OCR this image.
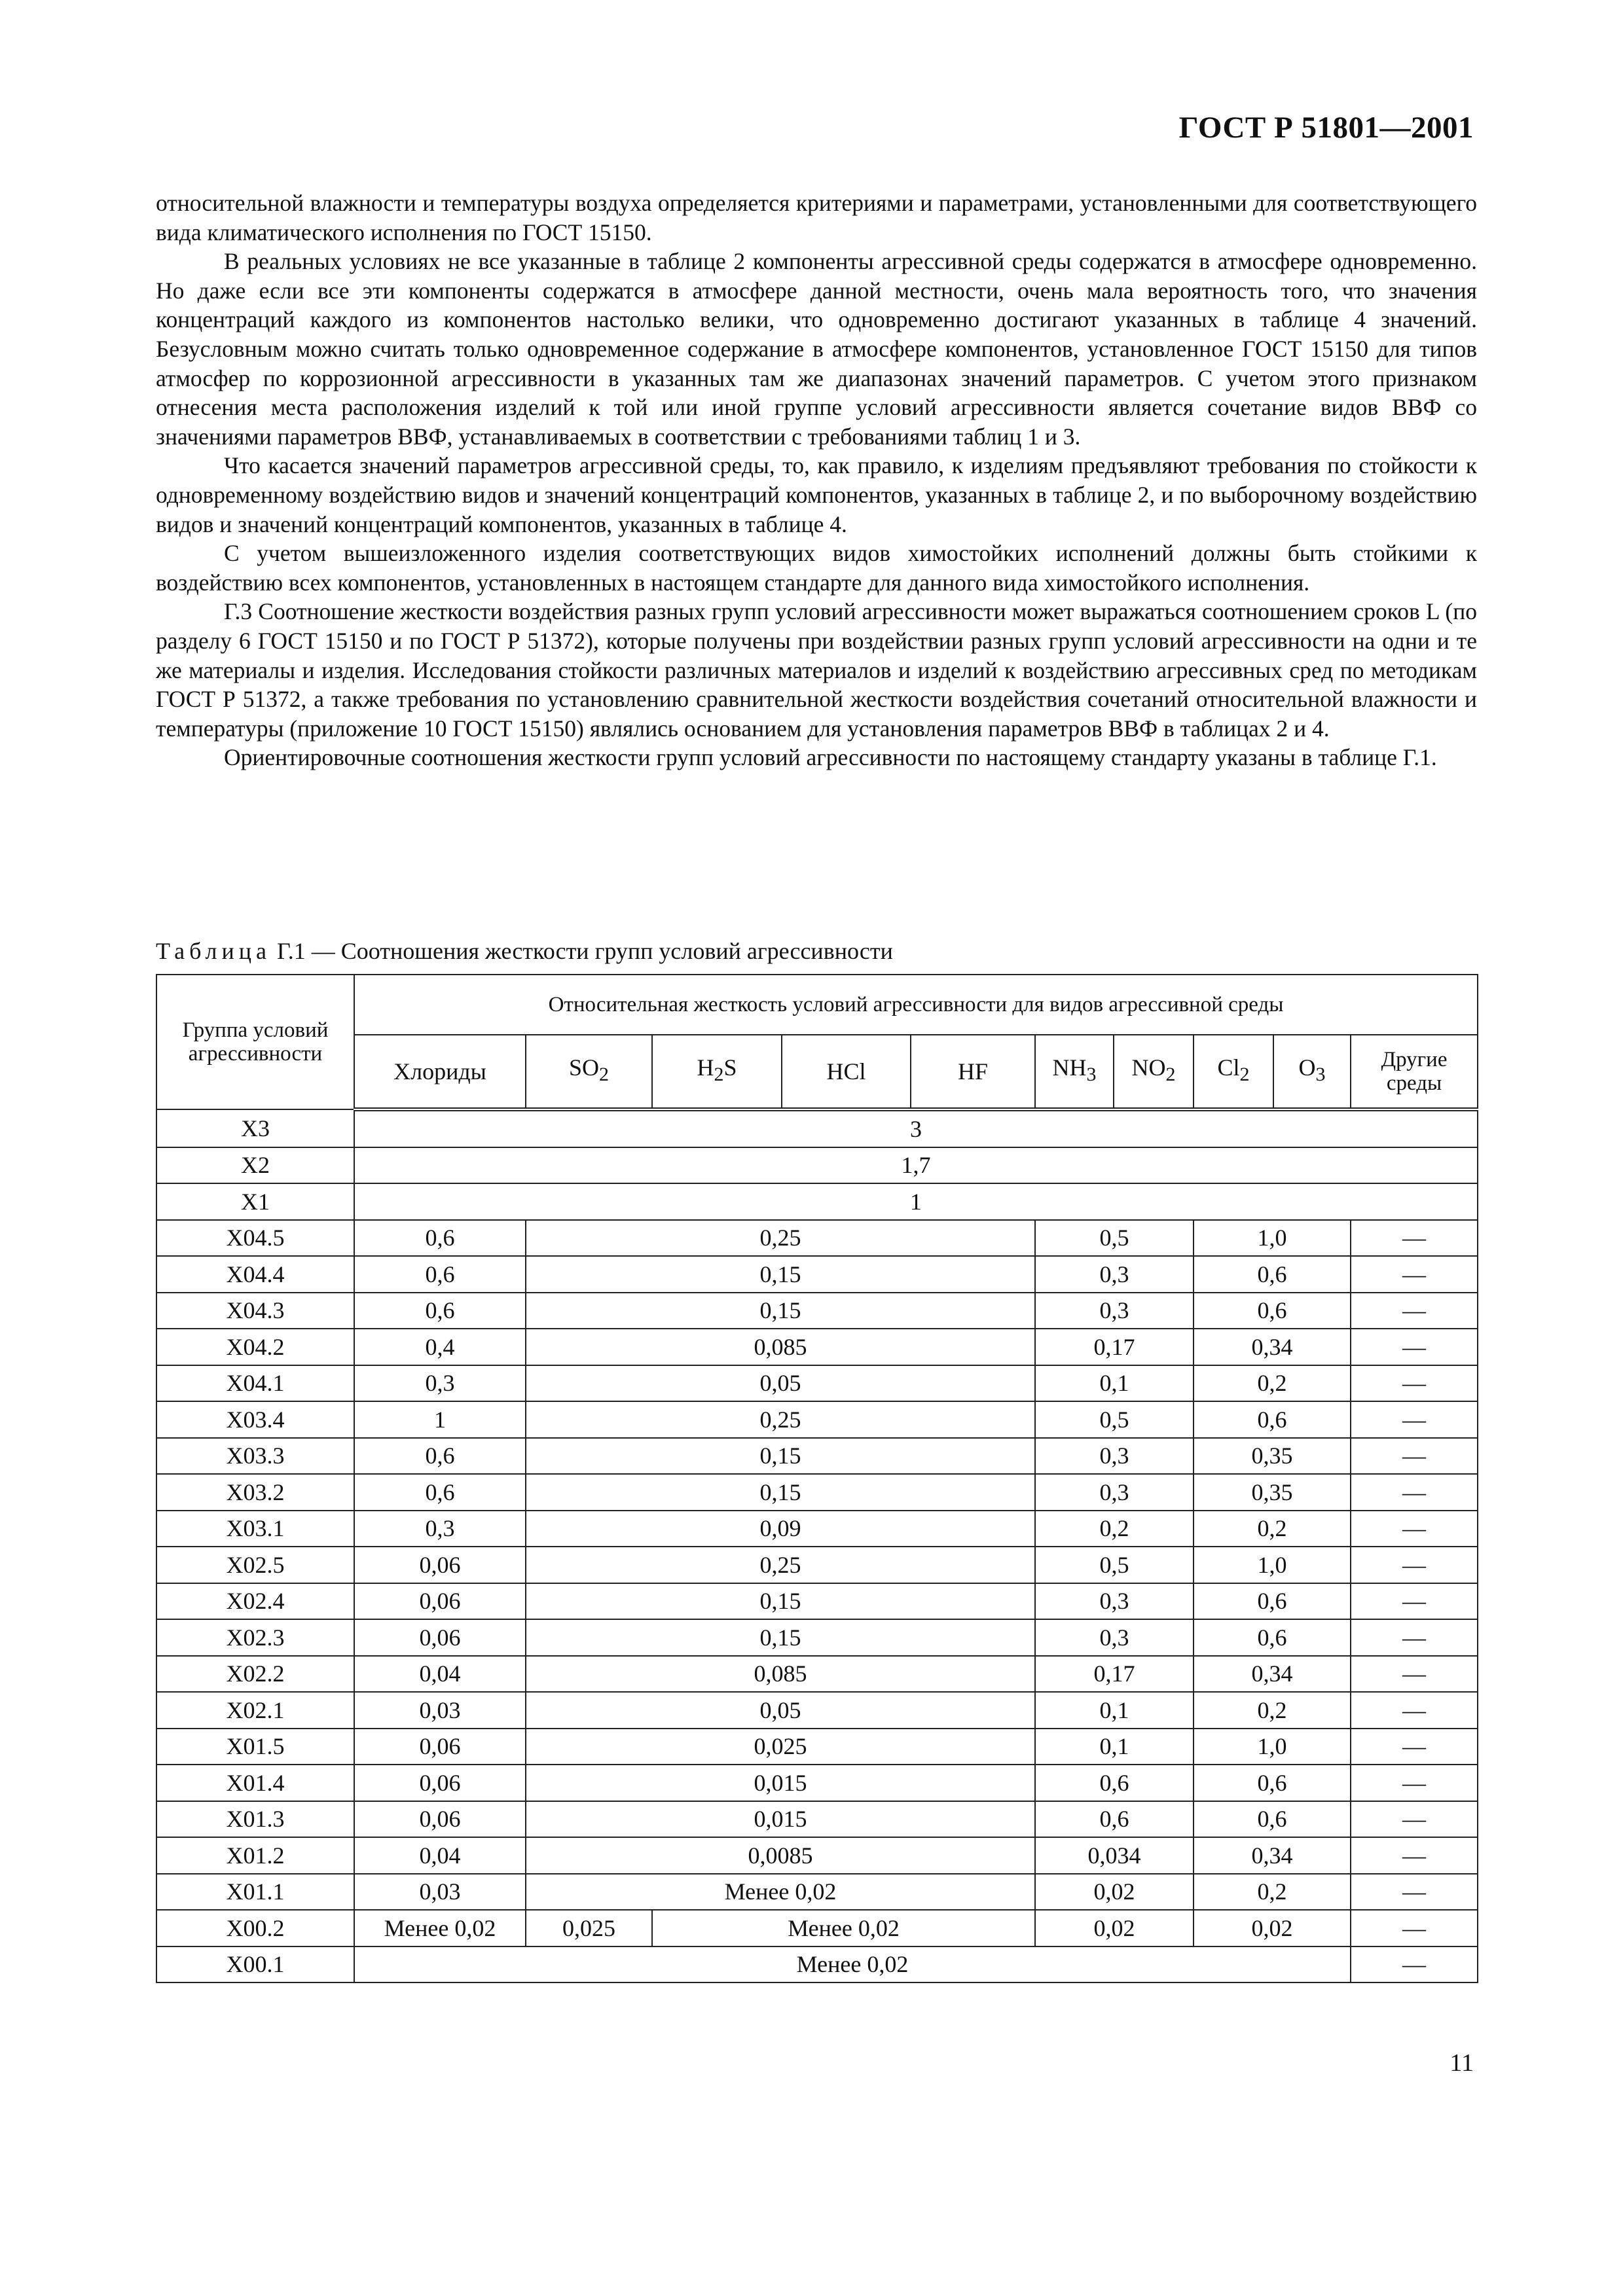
ГОСТ Р 51801—2001

относительной влажности и температуры воздуха определяется критериями и параметрами, установленными для соответствующего вида климатического исполнения по ГОСТ 15150.

В реальных условиях не все указанные в таблице 2 компоненты агрессивной среды содержатся в атмосфере одновременно. Но даже если все эти компоненты содержатся в атмосфере данной местности, очень мала вероятность того, что значения концентраций каждого из компонентов настолько велики, что одновременно достигают указанных в таблице 4 значений. Безусловным можно считать только одновременное содержание в атмосфере компонентов, установленное ГОСТ 15150 для типов атмосфер по коррозионной агрессивности в указанных там же диапазонах значений параметров. С учетом этого признаком отнесения места расположения изделий к той или иной группе условий агрессивности является сочетание видов ВВФ со значениями параметров ВВФ, устанавливаемых в соответствии с требованиями таблиц 1 и 3.

Что касается значений параметров агрессивной среды, то, как правило, к изделиям предъявляют требования по стойкости к одновременному воздействию видов и значений концентраций компонентов, указанных в таблице 2, и по выборочному воздействию видов и значений концентраций компонентов, указанных в таблице 4.

С учетом вышеизложенного изделия соответствующих видов химостойких исполнений должны быть стойкими к воздействию всех компонентов, установленных в настоящем стандарте для данного вида химостойкого исполнения.

Г.3 Соотношение жесткости воздействия разных групп условий агрессивности может выражаться соотношением сроков L (по разделу 6 ГОСТ 15150 и по ГОСТ Р 51372), которые получены при воздействии разных групп условий агрессивности на одни и те же материалы и изделия. Исследования стойкости различных материалов и изделий к воздействию агрессивных сред по методикам ГОСТ Р 51372, а также требования по установлению сравнительной жесткости воздействия сочетаний относительной влажности и температуры (приложение 10 ГОСТ 15150) являлись основанием для установления параметров ВВФ в таблицах 2 и 4.

Ориентировочные соотношения жесткости групп условий агрессивности по настоящему стандарту указаны в таблице Г.1.

Таблица Г.1 — Соотношения жесткости групп условий агрессивности
Группа условий агрессивности	Относительная жесткость условий агрессивности для видов агрессивной среды									
	Хлориды	$SO_2$	$H_2S$	HCl	HF	$NH_3$	$NO_2$	$Cl_2$	$O_3$	Другие среды
Х3	3									
Х2	1,7									
Х1	1									
Х04.5	0,6	0,25				0,5		1,0		—
Х04.4	0,6	0,15				0,3		0,6		—
Х04.3	0,6	0,15				0,3		0,6		—
Х04.2	0,4	0,085				0,17		0,34		—
Х04.1	0,3	0,05				0,1		0,2		—
Х03.4	1	0,25				0,5		0,6		—
Х03.3	0,6	0,15				0,3		0,35		—
Х03.2	0,6	0,15				0,3		0,35		—
Х03.1	0,3	0,09				0,2		0,2		—
Х02.5	0,06	0,25				0,5		1,0		—
Х02.4	0,06	0,15				0,3		0,6		—
Х02.3	0,06	0,15				0,3		0,6		—
Х02.2	0,04	0,085				0,17		0,34		—
Х02.1	0,03	0,05				0,1		0,2		—
Х01.5	0,06	0,025				0,1		1,0		—
Х01.4	0,06	0,015				0,6		0,6		—
Х01.3	0,06	0,015				0,6		0,6		—
Х01.2	0,04	0,0085				0,034		0,34		—
Х01.1	0,03	Менее 0,02				0,02		0,2		—
Х00.2	Менее 0,02	0,025	Менее 0,02			0,02		0,02		—
Х00.1	Менее 0,02									—
11
